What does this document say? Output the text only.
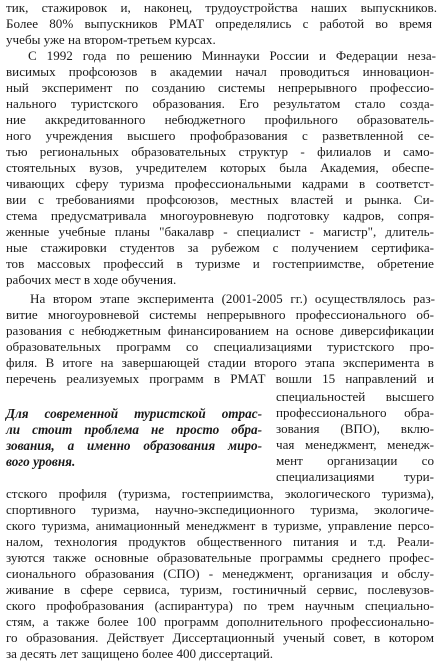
тик, стажировок и, наконец, трудоустройства наших выпускников.
Более 80% выпускников РМАТ определялись с работой во время
учебы уже на втором-третьем курсах.
С 1992 года по решению Миннауки России и Федерации неза-
висимых профсоюзов в академии начал проводиться инновацион-
ный эксперимент по созданию системы непрерывного профессио-
нального туристского образования. Его результатом стало созда-
ние аккредитованного небюджетного профильного образователь-
ного учреждения высшего профобразования с разветвленной се-
тью региональных образовательных структур - филиалов и само-
стоятельных вузов, учредителем которых была Академия, обеспе-
чивающих сферу туризма профессиональными кадрами в соответст-
вии с требованиями профсоюзов, местных властей и рынка. Си-
стема предусматривала многоуровневую подготовку кадров, сопря-
женные учебные планы "бакалавр - специалист - магистр", длитель-
ные стажировки студентов за рубежом с получением сертифика-
тов массовых профессий в туризме и гостеприимстве, обретение
рабочих мест в ходе обучения.
На втором этапе эксперимента (2001-2005 гг.) осуществлялось раз-
витие многоуровневой системы непрерывного профессионального об-
разования с небюджетным финансированием на основе диверсификации
образовательных программ со специализациями туристского про-
филя. В итоге на завершающей стадии второго этапа эксперимента в
перечень реализуемых программ в РМАТ вошли 15 направлений и
специальностей высшего
профессионального обра-
зования (ВПО), вклю-
чая менеджмент, менедж-
мент организации со
специализациями тури-
Для современной туристской отрас-
ли стоит проблема не просто обра-
зования, а именно образования миро-
вого уровня.
стского профиля (туризма, гостеприимства, экологического туризма),
спортивного туризма, научно-экспедиционного туризма, экологиче-
ского туризма, анимационный менеджмент в туризме, управление персо-
налом, технология продуктов общественного питания и т.д. Реали-
зуются также основные образовательные программы среднего профес-
сионального образования (СПО) - менеджмент, организация и обслу-
живание в сфере сервиса, туризм, гостиничный сервис, послевузов-
ского профобразования (аспирантура) по трем научным специально-
стям, а также более 100 программ дополнительного профессионально-
го образования. Действует Диссертационный ученый совет, в котором
за десять лет защищено более 400 диссертаций.
